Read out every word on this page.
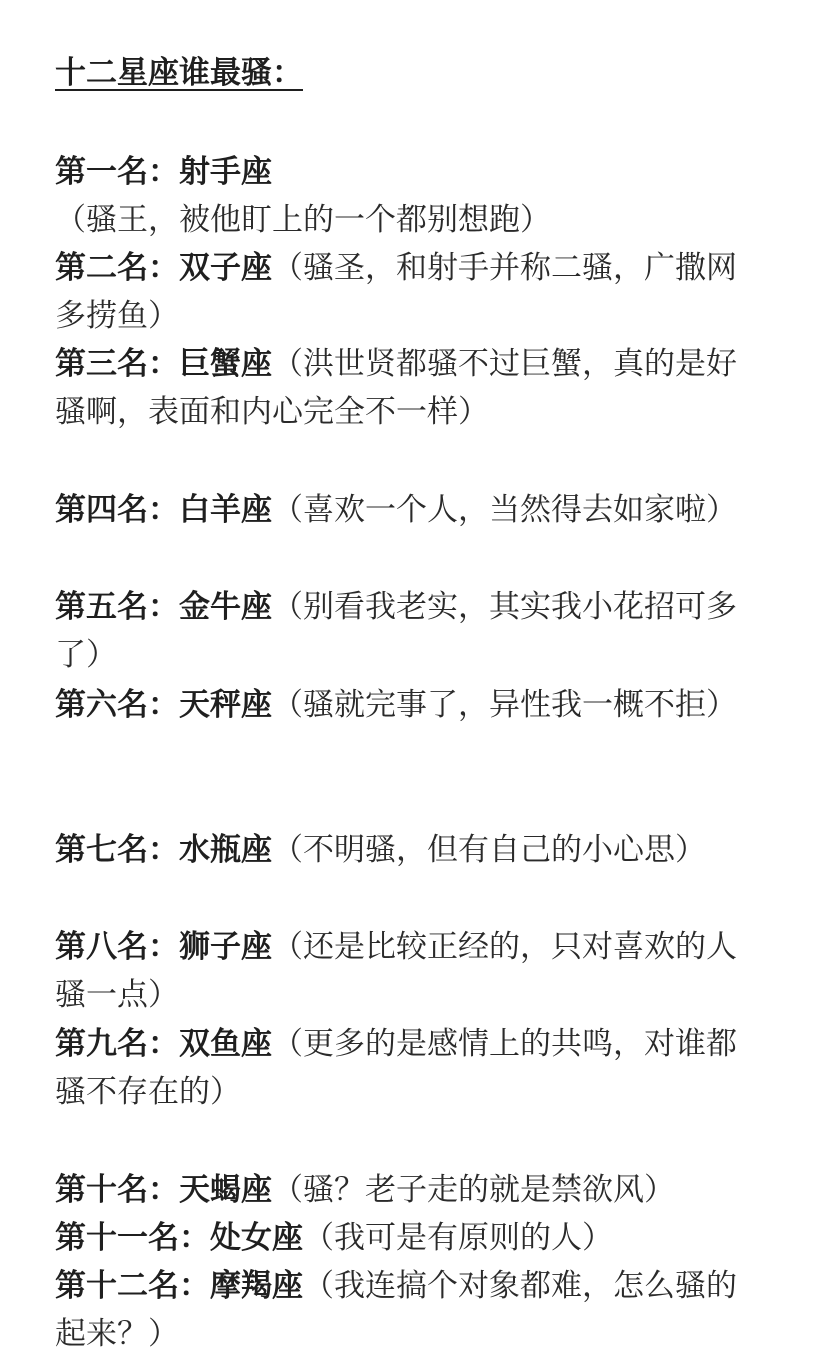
十二星座谁最骚：
第一名：射手座（骚王，被他盯上的一个都别想跑）
第二名：双子座（骚圣，和射手并称二骚，广撒网多捞鱼）
第三名：巨蟹座（洪世贤都骚不过巨蟹，真的是好骚啊，表面和内心完全不一样）
第四名：白羊座（喜欢一个人，当然得去如家啦）
第五名：金牛座（别看我老实，其实我小花招可多了）
第六名：天秤座（骚就完事了，异性我一概不拒）
第七名：水瓶座（不明骚，但有自己的小心思）
第八名：狮子座（还是比较正经的，只对喜欢的人骚一点）
第九名：双鱼座（更多的是感情上的共鸣，对谁都骚不存在的）
第十名：天蝎座（骚？老子走的就是禁欲风）
第十一名：处女座（我可是有原则的人）
第十二名：摩羯座（我连搞个对象都难，怎么骚的起来？）
